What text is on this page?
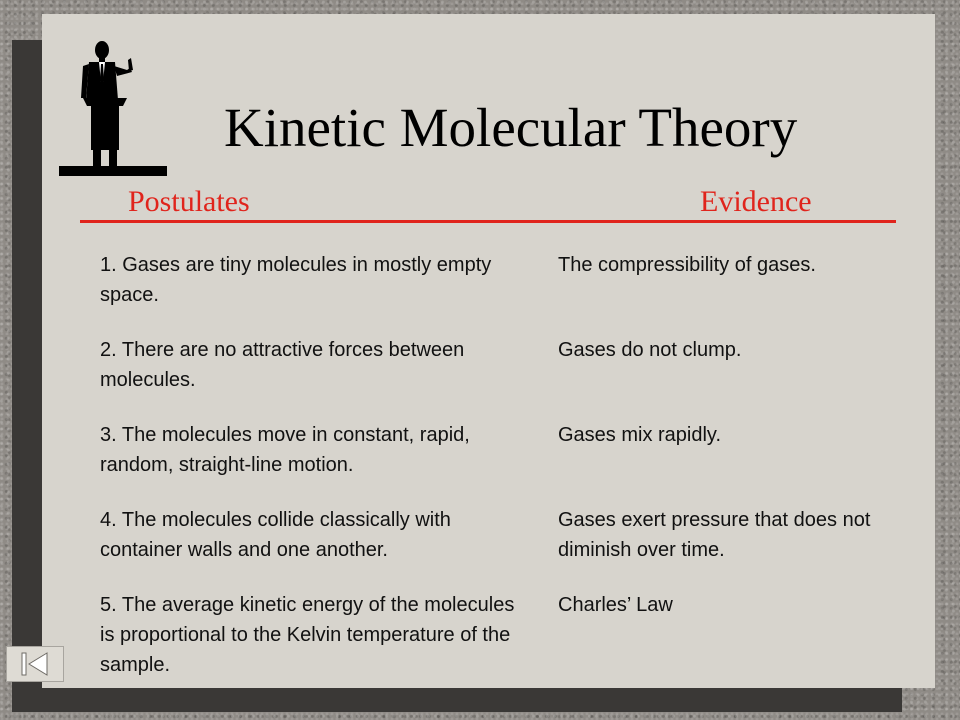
Kinetic Molecular Theory
Postulates	Evidence

1. Gases are tiny molecules in mostly empty space.

The compressibility of gases.

2. There are no attractive forces between molecules.

Gases do not clump.

3. The molecules move in constant, rapid, random, straight-line motion.

Gases mix rapidly.

4. The molecules collide classically with container walls and one another.

Gases exert pressure that does not diminish over time.

5. The average kinetic energy of the molecules is proportional to the Kelvin temperature of the sample.

Charles’ Law
